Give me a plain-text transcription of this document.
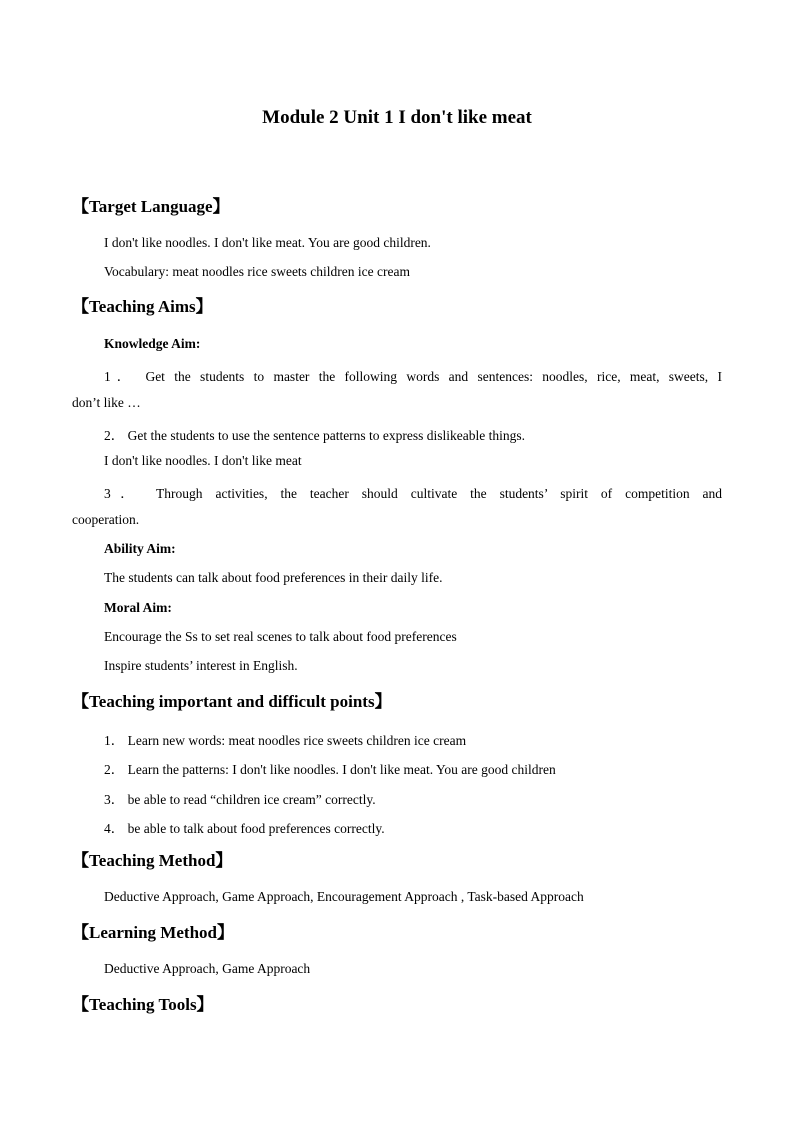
Module 2 Unit 1 I don't like meat
【Target Language】
I don't like noodles. I don't like meat. You are good children.
Vocabulary: meat noodles rice sweets children ice cream
【Teaching Aims】
Knowledge Aim:
1． Get the students to master the following words and sentences: noodles, rice, meat, sweets, I
don’t like …
2． Get the students to use the sentence patterns to express dislikeable things.
I don't like noodles. I don't like meat
3． Through activities, the teacher should cultivate the students’ spirit of competition and
cooperation.
Ability Aim:
The students can talk about food preferences in their daily life.
Moral Aim:
Encourage the Ss to set real scenes to talk about food preferences
Inspire students’ interest in English.
【Teaching important and difficult points】
1． Learn new words: meat noodles rice sweets children ice cream
2． Learn the patterns: I don't like noodles. I don't like meat. You are good children
3． be able to read “children ice cream” correctly.
4． be able to talk about food preferences correctly.
【Teaching Method】
Deductive Approach, Game Approach, Encouragement Approach , Task-based Approach
【Learning Method】
Deductive Approach, Game Approach
【Teaching Tools】
